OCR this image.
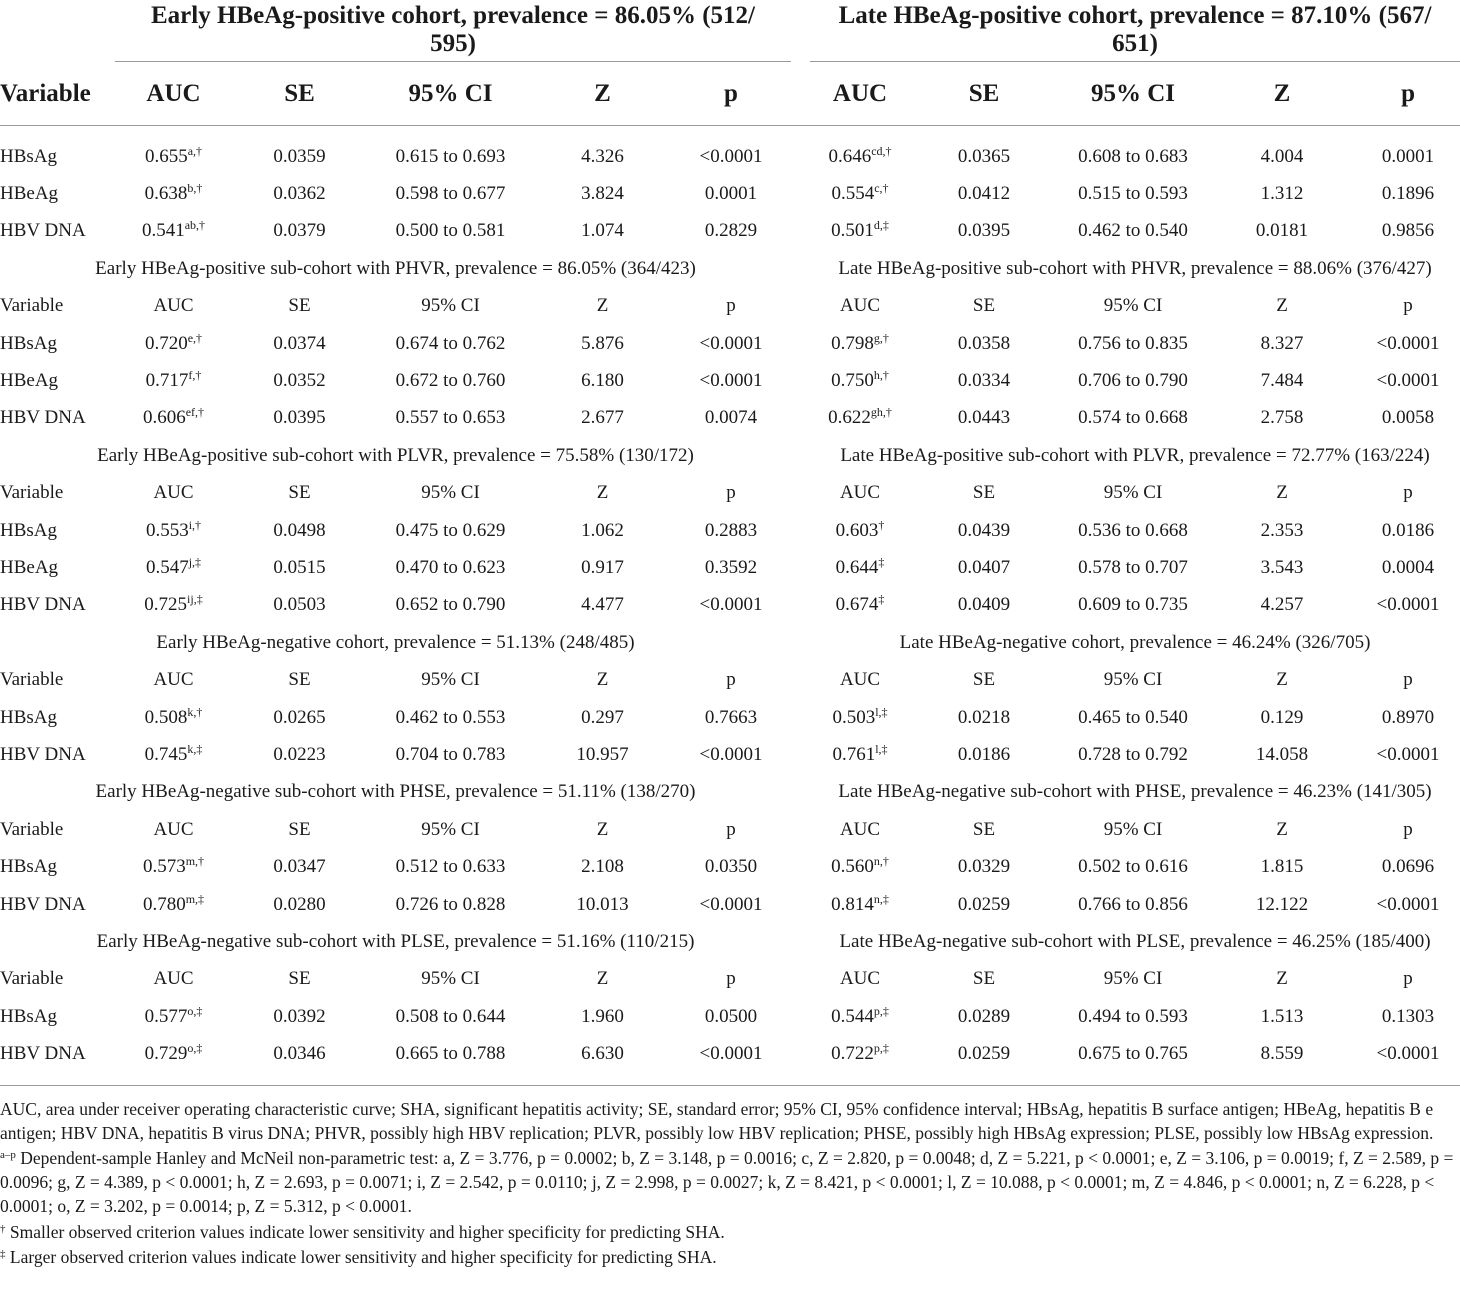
	Early HBeAg-positive cohort, prevalence = 86.05% (512/
595)						Late HBeAg-positive cohort, prevalence = 87.10% (567/
651)				

Variable	AUC	SE	95% CI	Z	p		AUC	SE	95% CI	Z	p
HBsAg	$0.655^{a,\dagger}$	0.0359	0.615 to 0.693	4.326	<0.0001		$0.646^{cd,\dagger}$	0.0365	0.608 to 0.683	4.004	0.0001
HBeAg	$0.638^{b,\dagger}$	0.0362	0.598 to 0.677	3.824	0.0001		$0.554^{c,\dagger}$	0.0412	0.515 to 0.593	1.312	0.1896
HBV DNA	$0.541^{ab,\dagger}$	0.0379	0.500 to 0.581	1.074	0.2829		$0.501^{d,\ddagger}$	0.0395	0.462 to 0.540	0.0181	0.9856
Early HBeAg-positive sub-cohort with PHVR, prevalence = 86.05% (364/423)							Late HBeAg-positive sub-cohort with PHVR, prevalence = 88.06% (376/427)				
Variable	AUC	SE	95% CI	Z	p		AUC	SE	95% CI	Z	p
HBsAg	$0.720^{e,\dagger}$	0.0374	0.674 to 0.762	5.876	<0.0001		$0.798^{g,\dagger}$	0.0358	0.756 to 0.835	8.327	<0.0001
HBeAg	$0.717^{f,\dagger}$	0.0352	0.672 to 0.760	6.180	<0.0001		$0.750^{h,\dagger}$	0.0334	0.706 to 0.790	7.484	<0.0001
HBV DNA	$0.606^{ef,\dagger}$	0.0395	0.557 to 0.653	2.677	0.0074		$0.622^{gh,\dagger}$	0.0443	0.574 to 0.668	2.758	0.0058
Early HBeAg-positive sub-cohort with PLVR, prevalence = 75.58% (130/172)							Late HBeAg-positive sub-cohort with PLVR, prevalence = 72.77% (163/224)				
Variable	AUC	SE	95% CI	Z	p		AUC	SE	95% CI	Z	p
HBsAg	$0.553^{i,\dagger}$	0.0498	0.475 to 0.629	1.062	0.2883		0.603†	0.0439	0.536 to 0.668	2.353	0.0186
HBeAg	$0.547^{j,\ddagger}$	0.0515	0.470 to 0.623	0.917	0.3592		0.644‡	0.0407	0.578 to 0.707	3.543	0.0004
HBV DNA	$0.725^{ij,\ddagger}$	0.0503	0.652 to 0.790	4.477	<0.0001		0.674‡	0.0409	0.609 to 0.735	4.257	<0.0001
Early HBeAg-negative cohort, prevalence = 51.13% (248/485)							Late HBeAg-negative cohort, prevalence = 46.24% (326/705)				
Variable	AUC	SE	95% CI	Z	p		AUC	SE	95% CI	Z	p
HBsAg	$0.508^{k,\dagger}$	0.0265	0.462 to 0.553	0.297	0.7663		$0.503^{l,\ddagger}$	0.0218	0.465 to 0.540	0.129	0.8970
HBV DNA	$0.745^{k,\ddagger}$	0.0223	0.704 to 0.783	10.957	<0.0001		$0.761^{l,\ddagger}$	0.0186	0.728 to 0.792	14.058	<0.0001
Early HBeAg-negative sub-cohort with PHSE, prevalence = 51.11% (138/270)							Late HBeAg-negative sub-cohort with PHSE, prevalence = 46.23% (141/305)				
Variable	AUC	SE	95% CI	Z	p		AUC	SE	95% CI	Z	p
HBsAg	$0.573^{m,\dagger}$	0.0347	0.512 to 0.633	2.108	0.0350		$0.560^{n,\dagger}$	0.0329	0.502 to 0.616	1.815	0.0696
HBV DNA	$0.780^{m,\ddagger}$	0.0280	0.726 to 0.828	10.013	<0.0001		$0.814^{n,\ddagger}$	0.0259	0.766 to 0.856	12.122	<0.0001
Early HBeAg-negative sub-cohort with PLSE, prevalence = 51.16% (110/215)							Late HBeAg-negative sub-cohort with PLSE, prevalence = 46.25% (185/400)				
Variable	AUC	SE	95% CI	Z	p		AUC	SE	95% CI	Z	p
HBsAg	$0.577^{o,\ddagger}$	0.0392	0.508 to 0.644	1.960	0.0500		$0.544^{p,\ddagger}$	0.0289	0.494 to 0.593	1.513	0.1303
HBV DNA	$0.729^{o,\ddagger}$	0.0346	0.665 to 0.788	6.630	<0.0001		$0.722^{p,\ddagger}$	0.0259	0.675 to 0.765	8.559	<0.0001

AUC, area under receiver operating characteristic curve; SHA, significant hepatitis activity; SE, standard error; 95% CI, 95% confidence interval; HBsAg, hepatitis B surface antigen; HBeAg, hepatitis B e antigen; HBV DNA, hepatitis B virus DNA; PHVR, possibly high HBV replication; PLVR, possibly low HBV replication; PHSE, possibly high HBsAg expression; PLSE, possibly low HBsAg expression.

$^{a-p}$ Dependent-sample Hanley and McNeil non-parametric test: a, Z = 3.776, p = 0.0002; b, Z = 3.148, p = 0.0016; c, Z = 2.820, p = 0.0048; d, Z = 5.221, p < 0.0001; e, Z = 3.106, p = 0.0019; f, Z = 2.589, p = 0.0096; g, Z = 4.389, p < 0.0001; h, Z = 2.693, p = 0.0071; i, Z = 2.542, p = 0.0110; j, Z = 2.998, p = 0.0027; k, Z = 8.421, p < 0.0001; l, Z = 10.088, p < 0.0001; m, Z = 4.846, p < 0.0001; n, Z = 6.228, p < 0.0001; o, Z = 3.202, p = 0.0014; p, Z = 5.312, p < 0.0001.

† Smaller observed criterion values indicate lower sensitivity and higher specificity for predicting SHA.

‡ Larger observed criterion values indicate lower sensitivity and higher specificity for predicting SHA.
